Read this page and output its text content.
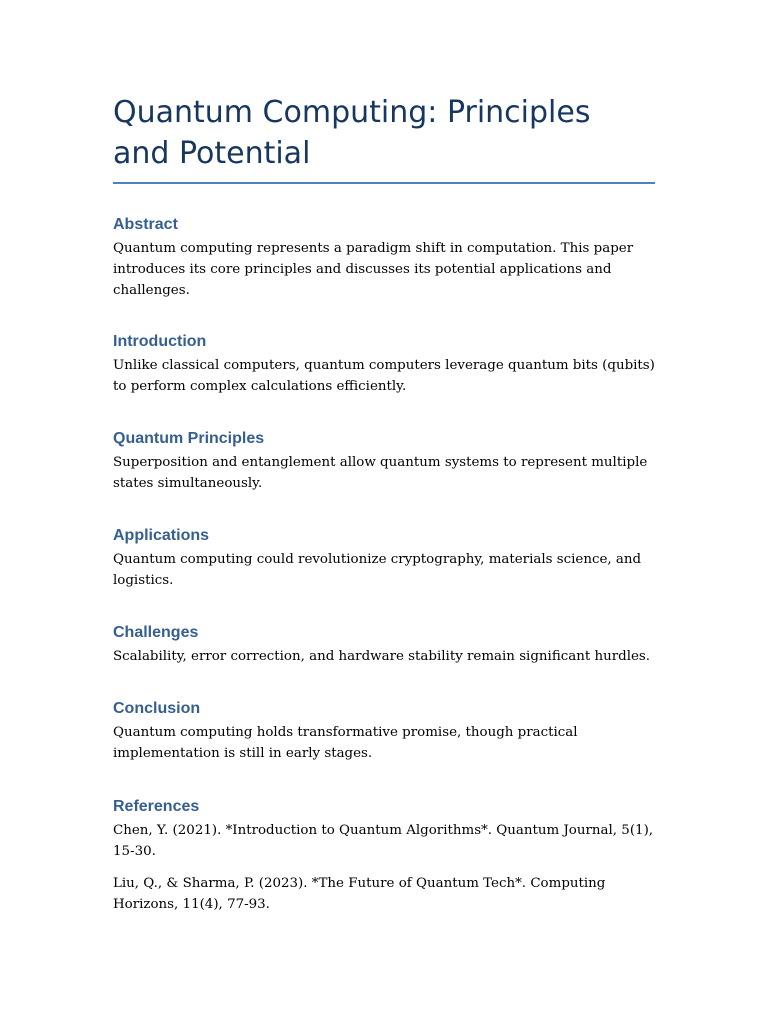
Quantum Computing: Principles and Potential
Abstract

Quantum computing represents a paradigm shift in computation. This paper introduces its core principles and discusses its potential applications and challenges.

Introduction

Unlike classical computers, quantum computers leverage quantum bits (qubits) to perform complex calculations efficiently.

Quantum Principles

Superposition and entanglement allow quantum systems to represent multiple states simultaneously.

Applications

Quantum computing could revolutionize cryptography, materials science, and logistics.

Challenges

Scalability, error correction, and hardware stability remain significant hurdles.

Conclusion

Quantum computing holds transformative promise, though practical implementation is still in early stages.

References

Chen, Y. (2021). *Introduction to Quantum Algorithms*. Quantum Journal, 5(1), 15-30.

Liu, Q., & Sharma, P. (2023). *The Future of Quantum Tech*. Computing Horizons, 11(4), 77-93.
